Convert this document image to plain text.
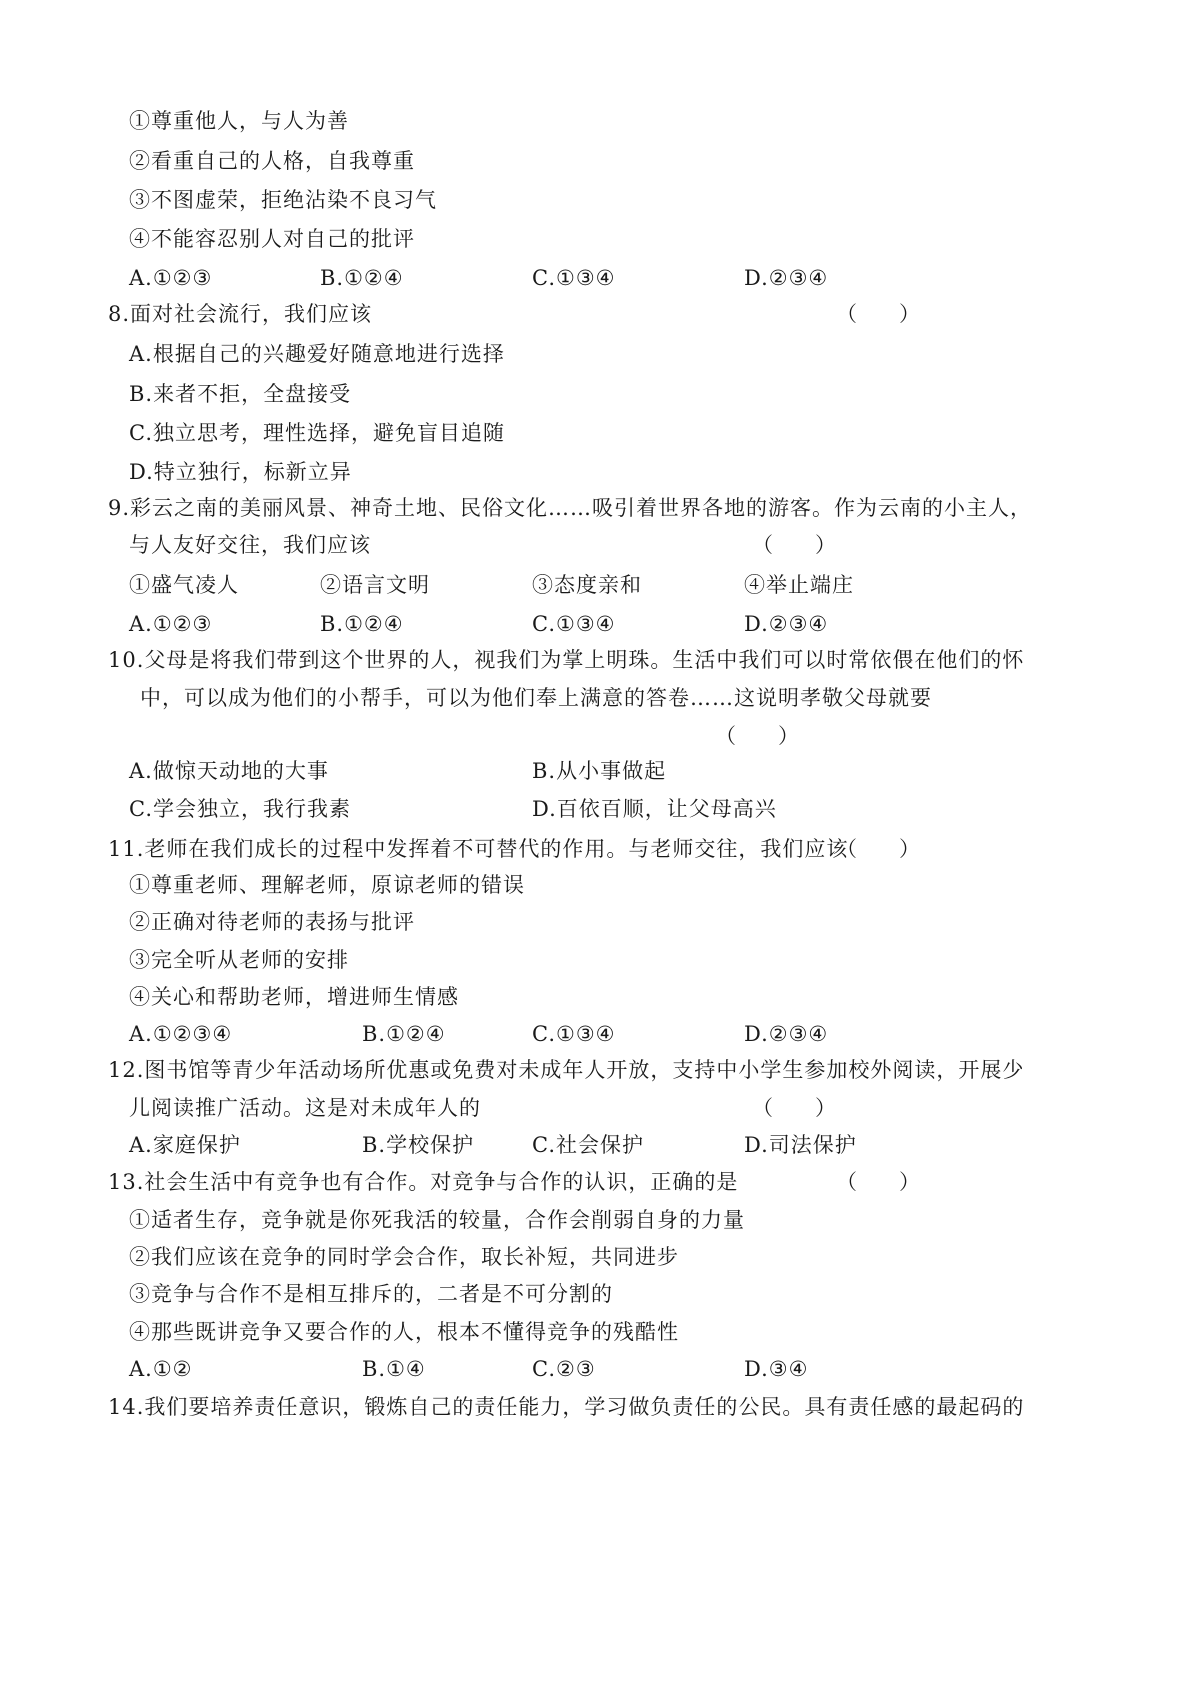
①尊重他人，与人为善
②看重自己的人格，自我尊重
③不图虚荣，拒绝沾染不良习气
④不能容忍别人对自己的批评
A.①②③	B.①②④	C.①③④	D.②③④
8.面对社会流行，我们应该	（　　）
A.根据自己的兴趣爱好随意地进行选择
B.来者不拒，全盘接受
C.独立思考，理性选择，避免盲目追随
D.特立独行，标新立异
9.彩云之南的美丽风景、神奇土地、民俗文化……吸引着世界各地的游客。作为云南的小主人，
与人友好交往，我们应该	（　　）
①盛气凌人	②语言文明	③态度亲和	④举止端庄
A.①②③	B.①②④	C.①③④	D.②③④
10.父母是将我们带到这个世界的人，视我们为掌上明珠。生活中我们可以时常依偎在他们的怀
中，可以成为他们的小帮手，可以为他们奉上满意的答卷……这说明孝敬父母就要
（　　）
A.做惊天动地的大事	B.从小事做起
C.学会独立，我行我素	D.百依百顺，让父母高兴
11.老师在我们成长的过程中发挥着不可替代的作用。与老师交往，我们应该
（　　）
①尊重老师、理解老师，原谅老师的错误
②正确对待老师的表扬与批评
③完全听从老师的安排
④关心和帮助老师，增进师生情感
A.①②③④	B.①②④	C.①③④	D.②③④
12.图书馆等青少年活动场所优惠或免费对未成年人开放，支持中小学生参加校外阅读，开展少
儿阅读推广活动。这是对未成年人的	（　　）
A.家庭保护	B.学校保护	C.社会保护	D.司法保护
13.社会生活中有竞争也有合作。对竞争与合作的认识，正确的是	（　　）
①适者生存，竞争就是你死我活的较量，合作会削弱自身的力量
②我们应该在竞争的同时学会合作，取长补短，共同进步
③竞争与合作不是相互排斥的，二者是不可分割的
④那些既讲竞争又要合作的人，根本不懂得竞争的残酷性
A.①②	B.①④	C.②③	D.③④
14.我们要培养责任意识，锻炼自己的责任能力，学习做负责任的公民。具有责任感的最起码的
